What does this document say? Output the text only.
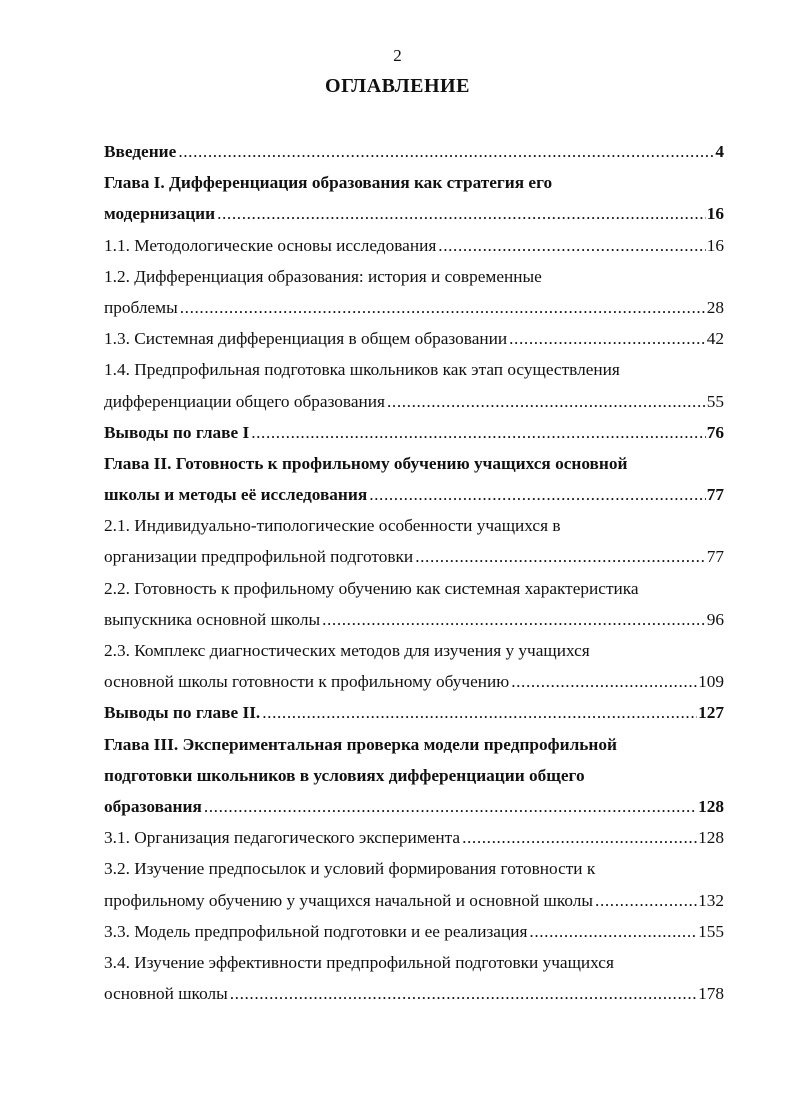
2
ОГЛАВЛЕНИЕ
Введение .....	4
Глава I. Дифференциация образования как стратегия его
модернизации .....	16
1.1. Методологические основы исследования .....	16
1.2. Дифференциация образования: история и современные
проблемы .....	28
1.3. Системная дифференциация в общем образовании .....	42
1.4. Предпрофильная подготовка школьников как этап осуществления
дифференциации общего образования .....	55
Выводы по главе I .....	76
Глава II. Готовность к профильному обучению учащихся основной
школы и методы её исследования .....	77
2.1. Индивидуально-типологические особенности учащихся в
организации предпрофильной подготовки .....	77
2.2. Готовность к профильному обучению как системная характеристика
выпускника основной школы .....	96
2.3. Комплекс диагностических методов для изучения у учащихся
основной школы готовности к профильному обучению .....	109
Выводы по главе II. .....	127
Глава III. Экспериментальная проверка модели предпрофильной
подготовки школьников в условиях дифференциации общего
образования .....	128
3.1. Организация педагогического эксперимента .....	128
3.2. Изучение предпосылок и условий формирования готовности к
профильному обучению у учащихся начальной и основной школы .....	132
3.3. Модель предпрофильной подготовки и ее реализация .....	155
3.4. Изучение эффективности предпрофильной подготовки учащихся
основной школы .....	178
